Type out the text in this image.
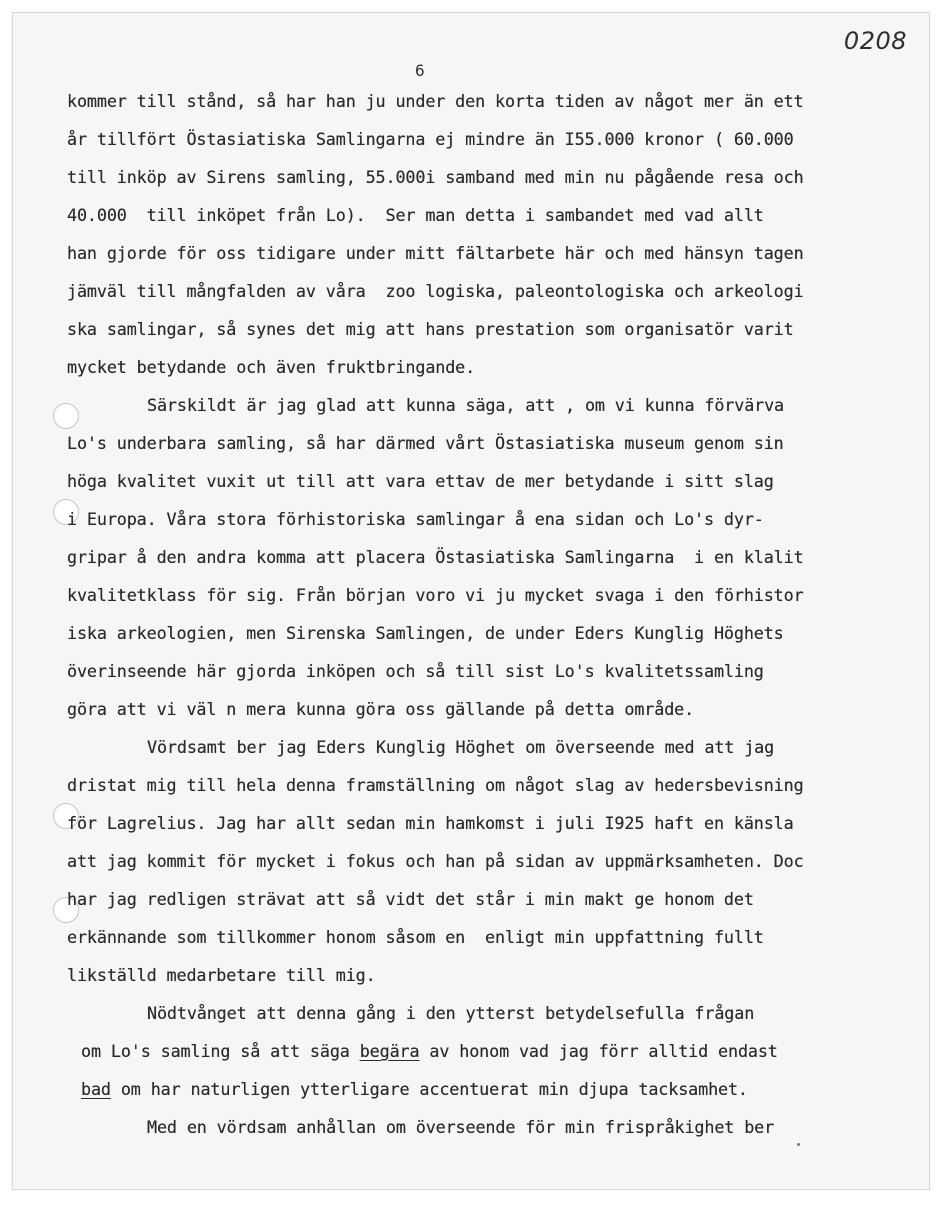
0208
6
kommer till stånd, så har han ju under den korta tiden av något mer än ett
år tillfört Östasiatiska Samlingarna ej mindre än I55.000 kronor ( 60.000
till inköp av Sirens samling, 55.000i samband med min nu pågående resa och
40.000  till inköpet från Lo).  Ser man detta i sambandet med vad allt
han gjorde för oss tidigare under mitt fältarbete här och med hänsyn tagen
jämväl till mångfalden av våra  zoo logiska, paleontologiska och arkeologi
ska samlingar, så synes det mig att hans prestation som organisatör varit
mycket betydande och även fruktbringande.
Särskildt är jag glad att kunna säga, att , om vi kunna förvärva
Lo's underbara samling, så har därmed vårt Östasiatiska museum genom sin
höga kvalitet vuxit ut till att vara ettav de mer betydande i sitt slag
i Europa. Våra stora förhistoriska samlingar å ena sidan och Lo's dyr-
gripar å den andra komma att placera Östasiatiska Samlingarna  i en klalit
kvalitetklass för sig. Från början voro vi ju mycket svaga i den förhistor
iska arkeologien, men Sirenska Samlingen, de under Eders Kunglig Höghets
överinseende här gjorda inköpen och så till sist Lo's kvalitetssamling
göra att vi väl n mera kunna göra oss gällande på detta område.
Vördsamt ber jag Eders Kunglig Höghet om överseende med att jag
dristat mig till hela denna framställning om något slag av hedersbevisning
för Lagrelius. Jag har allt sedan min hamkomst i juli I925 haft en känsla
att jag kommit för mycket i fokus och han på sidan av uppmärksamheten. Doc
har jag redligen strävat att så vidt det står i min makt ge honom det
erkännande som tillkommer honom såsom en  enligt min uppfattning fullt
likställd medarbetare till mig.
Nödtvånget att denna gång i den ytterst betydelsefulla frågan
om Lo's samling så att säga begära av honom vad jag förr alltid endast
bad om har naturligen ytterligare accentuerat min djupa tacksamhet.
Med en vördsam anhållan om överseende för min frispråkighet ber
